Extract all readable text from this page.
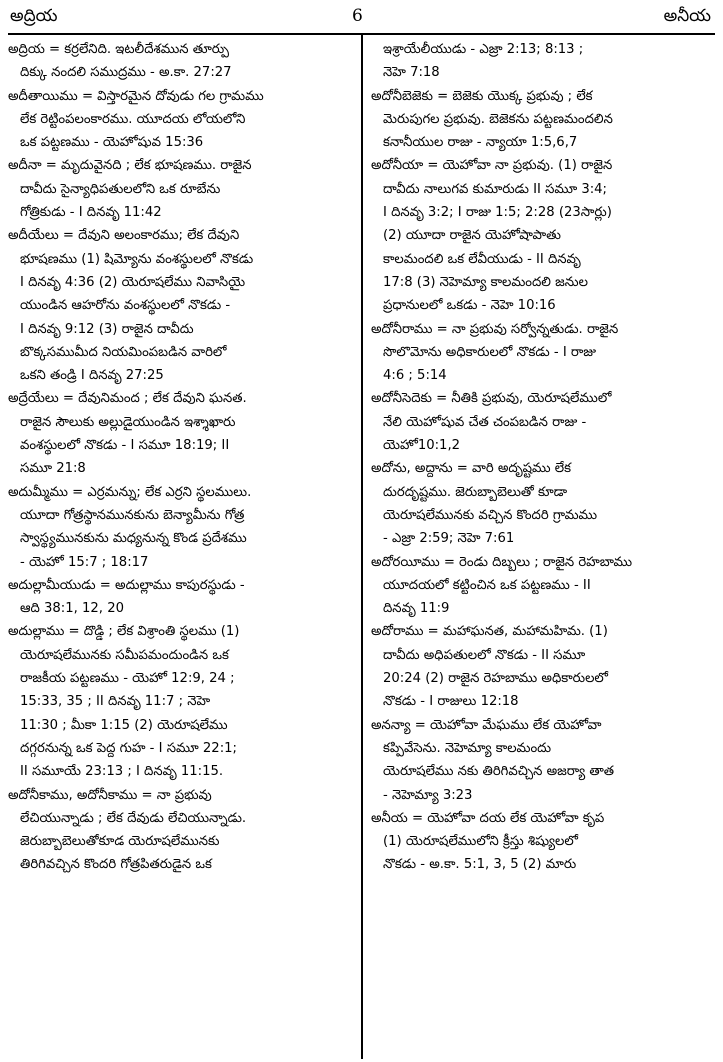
అద్రియ	6	అనీయ

అద్రియ = కర్రలేనిది. ఇటలీదేశమున తూర్పు

దిక్కు నందలి సముద్రము - అ.కా. 27:27

అదీతాయిము = విస్తారమైన దోవుడు గల గ్రామము

లేక రెట్టింపలంకారము. యూదయ లోయలోని

ఒక పట్టణము - యెహోషువ 15:36

అదీనా = మృదువైనది ; లేక భూషణము. రాజైన

దావీదు సైన్యాధిపతులలోని ఒక రూబేను

గోత్రికుడు - I దినవృ 11:42

అదీయేలు = దేవుని అలంకారము; లేక దేవుని

భూషణము (1) షిమ్యోను వంశస్థులలో నొకడు

I దినవృ 4:36 (2) యెరూషలేము నివాసియై

యుండిన ఆహరోను వంశస్థులలో నొకడు -

I దినవృ 9:12 (3) రాజైన దావీదు

బొక్కసముమీద నియమింపబడిన వారిలో

ఒకని తండ్రి I దినవృ 27:25

అద్రేయేలు = దేవునిమంద ; లేక దేవుని ఘనత.

రాజైన సౌలుకు అల్లుడైయుండిన ఇశ్శాఖారు

వంశస్థులలో నొకడు - I సమూ 18:19; II

సమూ 21:8

అదుమ్మీము = ఎర్రమన్ను; లేక ఎర్రని స్థలములు.

యూదా గోత్రస్థానమునకును బెన్యామీను గోత్ర

స్వాస్థ్యమునకును మధ్యనున్న కొండ ప్రదేశము

- యెహో 15:7 ; 18:17

అదుల్లామీయుడు = అదుల్లాము కాపురస్థుడు -

ఆది 38:1, 12, 20

అదుల్లాము = దొడ్డి ; లేక విశ్రాంతి స్థలము (1)

యెరూషలేమునకు సమీపమందుండిన ఒక

రాజకీయ పట్టణము - యెహో 12:9, 24 ;

15:33, 35 ; II దినవృ 11:7 ; నెహె

11:30 ; మీకా 1:15 (2) యెరూషలేము

దగ్గరనున్న ఒక పెద్ద గుహ - I సమూ 22:1;

II సమూయే 23:13 ; I దినవృ 11:15.

అదోనీకాము, అదోనీకాము = నా ప్రభువు

లేచియున్నాడు ; లేక దేవుడు లేచియున్నాడు.

జెరుబ్బాబెలుతోకూడ యెరూషలేమునకు

తిరిగివచ్చిన కొందరి గోత్రపితరుడైన ఒక

ఇశ్రాయేలీయుడు - ఎజ్రా 2:13; 8:13 ;

నెహె 7:18

అదోనీబెజెకు = బెజెకు యొక్క ప్రభువు ; లేక

మెరుపుగల ప్రభువు. బెజెకను పట్టణమందలిన

కనానీయుల రాజు - న్యాయా 1:5,6,7

అదోనీయా = యెహోవా నా ప్రభువు. (1) రాజైన

దావీదు నాలుగవ కుమారుడు II సమూ 3:4;

I దినవృ 3:2; I రాజు 1:5; 2:28 (23సార్లు)

(2) యూదా రాజైన యెహోషాపాతు

కాలమందలి ఒక లేవీయుడు - II దినవృ

17:8 (3) నెహెమ్యా కాలమందలి జనుల

ప్రధానులలో ఒకడు - నెహె 10:16

అదోనీరాము = నా ప్రభువు సర్వోన్నతుడు. రాజైన

సొలొమోను అధికారులలో నొకడు - I రాజు

4:6 ; 5:14

అదోనీసెదెకు = నీతికి ప్రభువు, యెరూషలేములో

నేలి యెహోషువ చేత చంపబడిన రాజు -

యెహో10:1,2

అదోను, అద్దాను = వారి అదృష్టము లేక

దురదృష్టము. జెరుబ్బాబెలుతో కూడా

యెరూషలేమునకు వచ్చిన కొందరి గ్రామము

- ఎజ్రా 2:59; నెహె 7:61

అదోరయీము = రెండు దిబ్బలు ; రాజైన రెహబాము

యూదయలో కట్టించిన ఒక పట్టణము - II

దినవృ 11:9

అదోరాము = మహాఘనత, మహామహిమ. (1)

దావీదు అధిపతులలో నొకడు - II సమూ

20:24 (2) రాజైన రెహబాము అధికారులలో

నొకడు - I రాజులు 12:18

అనన్యా = యెహోవా మేఘము లేక యెహోవా

కప్పివేసెను. నెహెమ్యా కాలమందు

యెరూషలేము నకు తిరిగివచ్చిన అజర్యా తాత

- నెహెమ్యా 3:23

అనీయ = యెహోవా దయ లేక యెహోవా కృప

(1) యెరూషలేములోని క్రీస్తు శిష్యులలో

నొకడు - అ.కా. 5:1, 3, 5 (2) మారు
